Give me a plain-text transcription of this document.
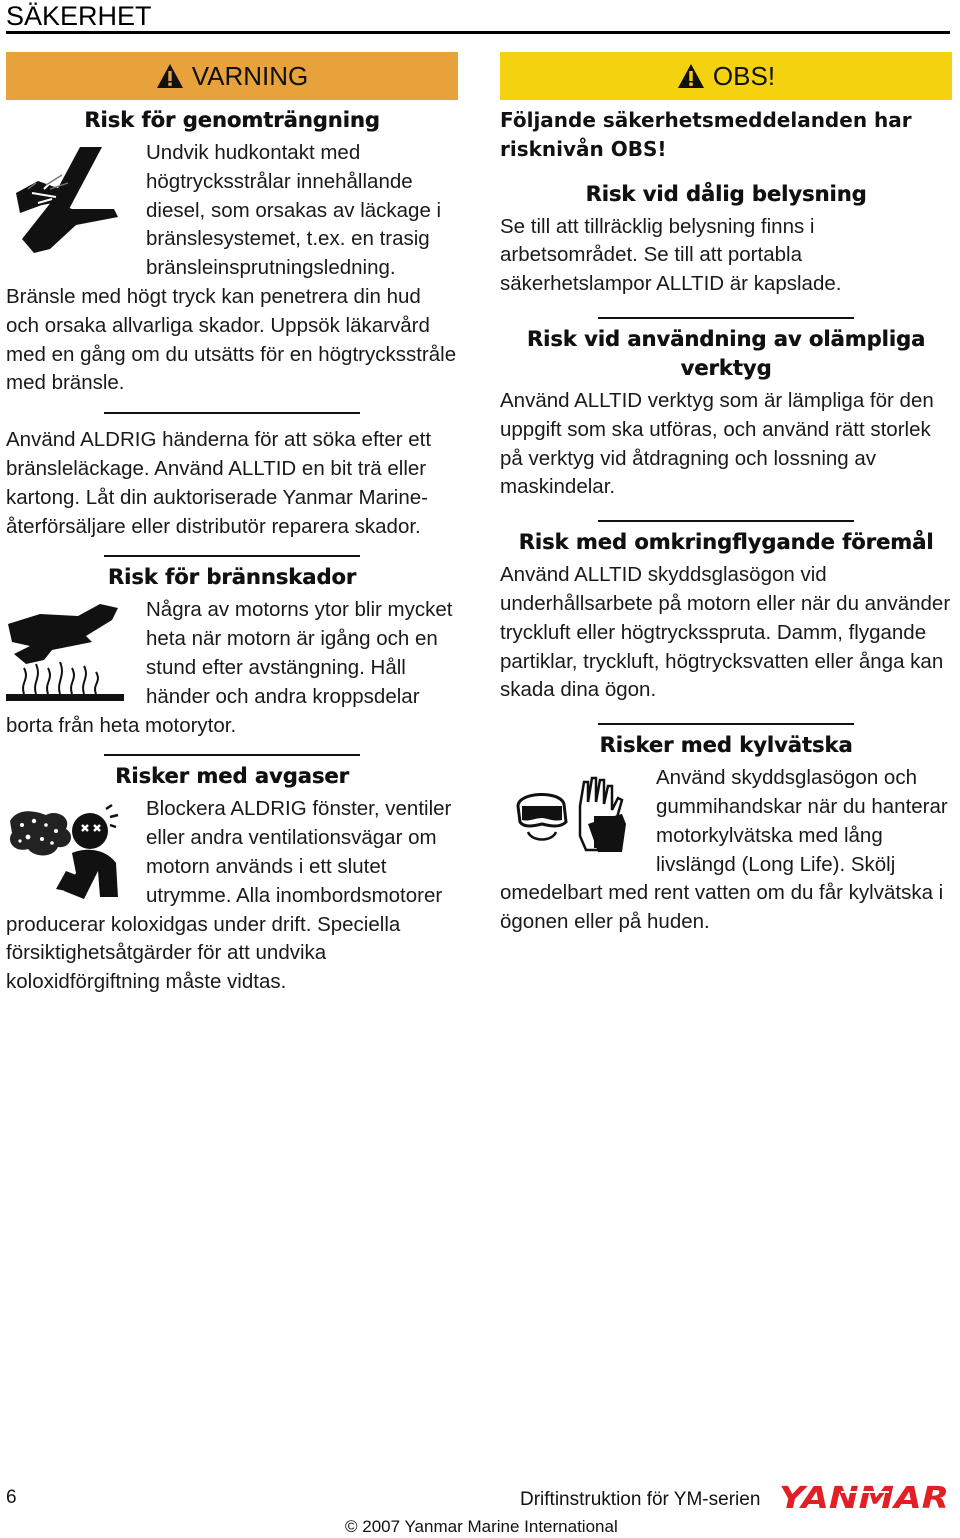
SÄKERHET
VARNING
Risk för genomträngning

Undvik hudkontakt med högtrycksstrålar innehållande diesel, som orsakas av läckage i bränslesystemet, t.ex. en trasig bränsleinsprutningsledning. Bränsle med högt tryck kan penetrera din hud och orsaka allvarliga skador. Uppsök läkarvård med en gång om du utsätts för en högtrycksstråle med bränsle.

Använd ALDRIG händerna för att söka efter ett bränsleläckage. Använd ALLTID en bit trä eller kartong. Låt din auktoriserade Yanmar Marine-återförsäljare eller distributör reparera skador.

Risk för brännskador

Några av motorns ytor blir mycket heta när motorn är igång och en stund efter avstängning. Håll händer och andra kroppsdelar borta från heta motorytor.

Risker med avgaser

Blockera ALDRIG fönster, ventiler eller andra ventilationsvägar om motorn används i ett slutet utrymme. Alla inombordsmotorer producerar koloxidgas under drift. Speciella försiktighetsåtgärder för att undvika koloxidförgiftning måste vidtas.

OBS!

Följande säkerhetsmeddelanden har risknivån OBS!

Risk vid dålig belysning

Se till att tillräcklig belysning finns i arbetsområdet. Se till att portabla säkerhetslampor ALLTID är kapslade.

Risk vid användning av olämpliga verktyg

Använd ALLTID verktyg som är lämpliga för den uppgift som ska utföras, och använd rätt storlek på verktyg vid åtdragning och lossning av maskindelar.

Risk med omkringflygande föremål

Använd ALLTID skyddsglasögon vid underhållsarbete på motorn eller när du använder tryckluft eller högtrycksspruta. Damm, flygande partiklar, tryckluft, högtrycksvatten eller ånga kan skada dina ögon.

Risker med kylvätska

Använd skyddsglasögon och gummihandskar när du hanterar motorkylvätska med lång livslängd (Long Life). Skölj omedelbart med rent vatten om du får kylvätska i ögonen eller på huden.

6	Driftinstruktion för YM-serien YANMAR
© 2007 Yanmar Marine International
